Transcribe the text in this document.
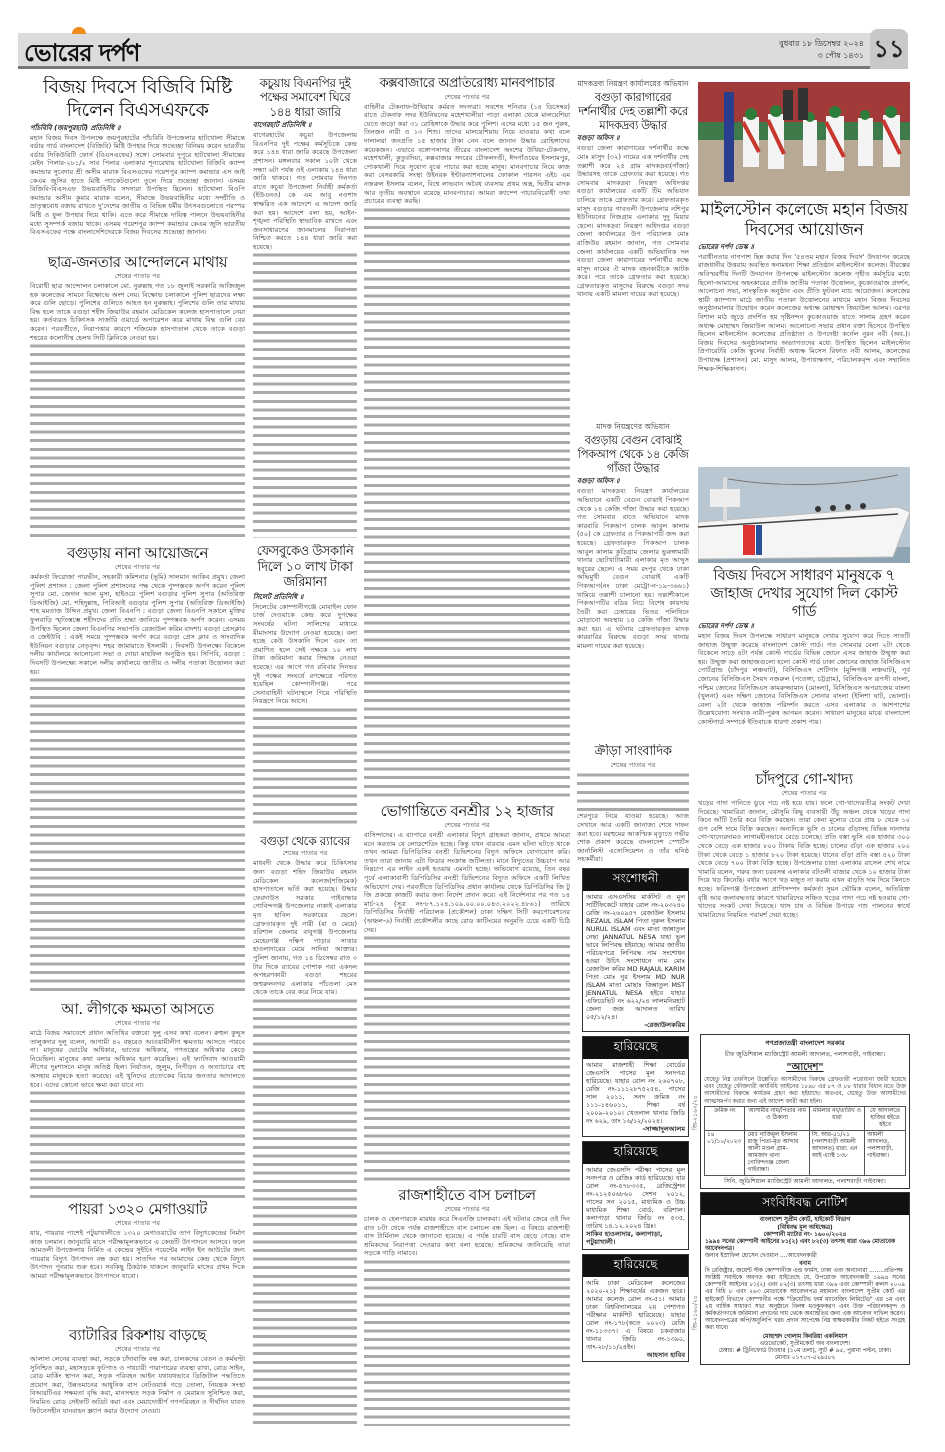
ভোরের দর্পণ	বুধবার ১৮ ডিসেম্বর ২০২৪
৩ পৌষ ১৪৩১ ১১
বিজয় দিবসে বিজিবি মিষ্টি দিলেন বিএসএফকে
পাঁচবিবি (জয়পুরহাট) প্রতিনিধি ॥
মহান বিজয় দিবস উপলক্ষে জয়পুরহাটের পাঁচবিবি উপজেলার হাটখোলা সীমান্তে বর্ডার গার্ড বাংলাদেশ (বিজিবি) মিষ্টি উপহার দিয়ে শুভেচ্ছা বিনিময় করেন ভারতীয় বর্ডার সিকিউরিটি ফোর্স (বিএসএফের) সঙ্গে। সোমবার দুপুরে হাটখোলা সীমান্তের মেইন পিলার-২৮১/২ সাব পিলার এলাকার শূন্যরেখায় হাটখোলা বিজিবি ক্যাম্প কমান্ডার সুবেদার শ্রী অসীম মারাক বিএসএফের গয়েশপুর ক্যাম্প কমান্ডার এস আই কেএম জুসির হাতে মিষ্টি প্যাকেটগুলো তুলে দিয়ে শুভেচ্ছা জানান। এসময় বিজিবি-বিএসএফ উভয়বাহিনীর সদস্যরা উপস্থিত ছিলেন। হাটখোলা বিওপি কমান্ডার অসীম কুমার মারাক বলেন, সীমান্তে উভয়বাহিনীর মধ্যে সম্প্রীতি ও ভ্রাতৃত্ববোধ বজায় রাখতে দু'দেশের জাতীয় ও বিভিন্ন ধর্মীয় উৎসবগুলোতে পরস্পর মিষ্টি ও ফুল উপহার দিয়ে থাকি। এতে করে সীমান্তে দায়িত্ব পালনে উভয়বাহিনীর মধ্যে সুসম্পর্ক বজায় থাকে। এসময় গয়েশপুর ক্যাম্প কমান্ডার কেএম জুসি ভারতীয় বিএসএফের পক্ষে বাংলাদেশিদেরকে বিজয় দিবসের শুভেচ্ছা জানান।
ছাত্র-জনতার আন্দোলনে মাথায়
শেষের পাতার পর
বিরোধী ছাত্র আন্দোলন চলাকালে মো. নুরুল্লাহ গত ১৮ জুলাই সরকারি আজিজুল হক কলেজের সামনে বিক্ষোভে অংশ নেয়। বিক্ষোভ চলাকালে পুলিশ ছাত্রদের লক্ষ্য করে গুলি ছোড়ে। পুলিশের গুলিতে আহত হন নুরুল্লাহ। পুলিশের গুলি তার মাথায় বিদ্ধ হলে তাকে বগুড়া শহীদ জিয়াউর রহমান মেডিকেল কলেজ হাসপাতালে নেয়া হয়। কর্তব্যরত চিকিৎসক সার্জারি ওয়ার্ডে অপারেশন করে মাথায় বিদ্ধ গুলি বের করেন। পরবর্তীতে, নিরাপত্তার কারণে শজিমেক হাসপাতাল থেকে তাকে বগুড়া শহরের কলোনীস্থ হেলথ সিটি ক্লিনিকে নেওয়া হয়।
বগুড়ায় নানা আয়োজনে
শেষের পাতার পর
কর্মকর্তা ফিরোজা পারভীন, সহকারী কমিশনার (ভূমি) সালমান আকিব প্রমুখ। জেলা পুলিশ প্রশাসন : জেলা পুলিশ প্রশাসনের পক্ষ থেকে পুষ্পস্তবক অর্পণ করেন পুলিশ সুপার মো. জেদান আল মুসা, হাইওয়ে পুলিশ বগুড়ার পুলিশ সুপার (অতিরিক্ত ডিআইজি) মো. শহিদুল্লাহ, পিবিআই বগুড়ার পুলিশ সুপার (অতিরিক্ত ডিআইজি) শাহ মমতাজ উদ্দিন প্রমুখ। জেলা বিএনপি : বগুড়া জেলা বিএনপি সকালে মুক্তির ফুলবাড়ি স্মৃতিস্তম্ভে শহীদদের প্রতি শ্রদ্ধা জানিয়ে পুষ্পস্তবক অর্পণ করেন। এসময় উপস্থিত ছিলেন জেলা বিএনপির সভাপতি রেজাউল করিম বাদশা। বগুড়া প্রেসক্লাব ও জেইউবি : একই সময়ে পুষ্পস্তবক অর্পণ করে বগুড়া প্রেস ক্লাব ও সাংবাদিক ইউনিয়ন বগুড়ার নেতৃবৃন্দ। শহর জামায়াতে ইসলামী : দিবসটি উপলক্ষ্যে বিকেলে দলীয় কার্যালয়ে আলোচনা সভা ও দোয়া মাহফিল অনুষ্ঠিত হয়। সিপিবি, বগুড়া : দিবসটি উপলক্ষ্যে সকালে দলীয় কার্যালয়ে জাতীয় ও দলীয় পতাকা উত্তোলন করা হয়।
আ. লীগকে ক্ষমতা আসতে
শেষের পাতার পর
মাঠে বিজয় সমাবেশে প্রধান অতিথির বক্তব্যে দুলু এসব কথা বলেন। রুহুল কুদ্দুস তালুকদার দুলু বলেন, আগামী ৪২ বছরেও আওয়ামীলীগ ক্ষমতায় আসতে পারবে না। মানুষের ভোটের অধিকার, ভাতের অধিকার, গণতন্ত্রের অধিকার কেড়ে নিয়েছিল। মানুষের কথা বলার অধিকার হরণ করেছিল। এই ফ্যাসিবাদ আওয়ামী লীগের দুঃশাসনে মানুষ অতিষ্ঠ ছিল। নির্যাতন, জুলুম, নিপীড়ন ও অত্যাচারে বহু অসহায় মানুষকে হত্যা করেছে। এই খুনিদের প্রত্যেকের বিচার জনতার আদালতে হবে। এদের কোনো ভাবে ক্ষমা করা যাবে না।
পায়রা ১৩২০ মেগাওয়াট
শেষের পাতার পর
যায়, পায়রার পাশেই পটুয়াখালীতে ১৩২০ মেগাওয়াটের তাপ বিদ্যুৎকেন্দ্রের নির্মাণ কাজ চলমান। জানুয়ারি মাসে পরীক্ষামূলকভাবে এ কেন্দ্রটি উৎপাদনে আসবে। ফলে আমতলী উপজেলায় নির্মিত এ কেন্দ্রের সুইচিং পয়েন্টের লাইন ইন আউটের জন্য পায়রায় বিদ্যুৎ উৎপাদন বন্ধ করা হয়। সাতদিন পর আমাদের কেন্দ্র থেকে বিদ্যুৎ উৎপাদন পুনরায় শুরু হবে। সবকিছু ঠিকঠাক থাকলে জানুয়ারি মাসের প্রথম দিকে আমরা পরীক্ষামূলকভাবে উৎপাদনে যাবো।
ব্যাটারির রিকশায় বাড়ছে
শেষের পাতার পর
আলাদা লেনের ব্যবস্থা করা, সড়কে চাঁদাবাজি বন্ধ করা, চালকদের বেতন ও কর্মঘণ্টা সুনিশ্চিত করা, মহাসড়কে ফুটপাত ও পথচারী পারাপারের ব্যবস্থা রাখা, রোড সাইন, রোড মার্কিং স্থাপন করা, সড়ক পরিবহন আইন যথাযথভাবে ডিজিটাল পদ্ধতিতে প্রয়োগ করা, উন্নতমানের আধুনিক বাস নেটওয়ার্ক গড়ে তোলা, নিয়ন্ত্রক সংস্থা বিআরটিএর সক্ষমতা বৃদ্ধি করা, মানসম্মত সড়ক নির্মাণ ও মেরামত সুনিশ্চিত করা, নিয়মিত রোড সেইফটি অডিট করা এবং মেয়াদোত্তীর্ণ গণপরিবহন ও দীর্ঘদিন যাবত ফিটনেসহীন যানবাহন স্ক্র্যাপ করার উদ্যোগ নেওয়া।
কচুয়ায় বিএনপির দুই পক্ষের সমাবেশ ঘিরে ১৪৪ ধারা জারি
বাগেরহাট প্রতিনিধি ॥
বাগেরহাটের কচুয়া উপজেলায় বিএনপির দুই পক্ষের কর্মসূচিকে কেন্দ্র করে ১৪৪ ধারা জারি করেছে উপজেলা প্রশাসন। মঙ্গলবার সকাল ১০টা থেকে সন্ধ্যা ৬টা পর্যন্ত ওই এলাকায় ১৪৪ ধারা জারি থাকবে। গত সোমবার দিনগত রাতে কচুয়া উপজেলা নির্বাহী কর্মকর্তা (ইউএনও) কে এম আবু নওশাদ স্বাক্ষরিত এক আদেশে এ আদেশ জারি করা হয়। আদেশে বলা হয়, আইন-শৃঙ্খলা পরিস্থিতি স্বাভাবিক রাখতে এবং জনসাধারণের জানমালের নিরাপত্তা নিশ্চিত করতে ১৪৪ ধারা জারি করা হয়েছে।
ফেসবুকেও উসকানি দিলে ১০ লাখ টাকা জরিমানা
সিলেট প্রতিনিধি ॥
সিলেটের কোম্পানীগঞ্জে মোবাইল ফোন চার্জ দেওয়াকে কেন্দ্র করে দুপক্ষের সংঘর্ষের ঘটনা সালিশের মাধ্যমে মীমাংসার উদ্যোগ নেওয়া হয়েছে। বলা হচ্ছে কেউ উসকানি দিলে এবং তা প্রমাণিত হলে সেই পক্ষকে ১০ লাখ টাকা জরিমানা করার সিদ্ধান্ত নেওয়া হয়েছে। এর আগে গত রবিবার দিনভর দুই পক্ষের সংঘর্ষে রণক্ষেত্রে পরিণত হয়েছিল কোম্পানীগঞ্জ। পরে সেনাবাহিনী ঘটনাস্থলে গিয়ে পরিস্থিতি নিয়ন্ত্রণে নিয়ে আসে।
বগুড়া থেকে র‌্যাবের
শেষের পাতার পর
মাধবদী থেকে উদ্ধার করে চিকিৎসার জন্য বগুড়া শহিদ জিয়াউর রহমান মেডিকেল কলেজ(শজিমেক) হাসপাতালে ভর্তি করা হয়েছে। উদ্ধার ফেরদাউস সরকার গাইবান্ধার গোবিন্দগঞ্জ উপজেলার নাকাই এলাকার মৃত হাবিল সরকারের ছেলে। গ্রেফতারকৃত দুই নারী (মা ও মেয়ে) বরিশাল জেলার বাবুগঞ্জ উপজেলার মেহেরগঞ্জ দক্ষিণ পাড়ার সাত্তার হাওলাদারের মেয়ে সাদিয়া আক্তার। পুলিশ জানায়, গত ১৪ ডিসেম্বর রাত ৩ টার দিকে র‌্যাবের পোশাক পরা একদল অপহরণকারী বগুড়া শহরের জহুরুলনগর এলাকার পাঁচতলা মেস থেকে তাকে বের করে নিয়ে যায়।
কক্সবাজারে অপ্রতিরোধ্য মানবপাচার
শেষের পাতার পর
বাহিনীর টেকনাফ-উখিয়ায় কর্মরত সদস্যরা। সবশেষ শনিবার (১৪ ডিসেম্বর) রাতে টেকনাফ সদর ইউনিয়নের মহেশখালীয়া পাড়া এলাকা থেকে মালয়েশিয়া যেতে জড়ো করা ৩১ রোহিঙ্গাকে উদ্ধার করে পুলিশ। এদের মধ্যে ১৫ জন পুরুষ, তিনজন নারী ও ১৩ শিশু। তাদের মালয়েশিয়ায় নিয়ে যাওয়ার কথা বলে দালালরা জনপ্রতি ১৫ হাজার টাকা নেন বলে জানান উদ্ধার রোহিঙ্গাদের কয়েকজন। এভাবে বঙ্গোপসাগর তীরের বাংলাদেশ অংশের উখিয়া-টেকনাফ, মহেশখালী, কুতুবদিয়া, কক্সবাজার সদরের চৌফলদণ্ডী, ঈদগাঁওয়ের ইসলামপুর, পোকখালী দিয়ে সুযোগ বুঝে পাচার করা হচ্ছে মানুষ। মানবপাচার নিয়ে কাজ করা বেসরকারি সংস্থা উইনরক ইন্টারন্যাশনালের ফোকাল পারসন এইচ এম নজরুল ইসলাম বলেন, বিশ্বে লাভবান অবৈধ ব্যবসায় প্রথম অস্ত্র, দ্বিতীয় মাদক আর তৃতীয় অবস্থানে রয়েছে মানবপাচার। আমরা ক্যাম্পে পাচারবিরোধী তথ্য প্রচারের ব্যবস্থা করছি।
ভোগান্তিতে বনশ্রীর ১২ হাজার
শেষের পাতার পর
বাসিন্দাদের। এ ব্যাপারে বনশ্রী এলাকার বিদ্যুৎ গ্রাহকরা জানান, প্রথমে আমরা মনে করতাম যে লোডশেডিং হচ্ছে। কিন্তু যখন বারবার এমন ঘটনা ঘটতে থাকে তখন আমরা ডিপিডিসির বনশ্রী ডিভিশনের বিদ্যুৎ অফিসে যোগাযোগ করি। তখন তারা জানায় এটা ফিডার সংক্রান্ত জটিলতা। মানে বিদ্যুতের উচ্চচাপ আর নিম্নচাপ এর লাইন একই হওয়ায় এমনটা হচ্ছে। অভিযোগ রয়েছে, তিন বছর পূর্বে এলাকাবাসী ডিপিডিসির বনশ্রী ডিভিশনের বিদ্যুত অফিসে একটি লিখিত অভিযোগ দেয়। পরবর্তীতে ডিপিডিসির প্রধান কার্যালয় থেকে ডিপিডিসির জি টু জি প্রকল্পে কাজটি করার জন্য নির্দেশ প্রদান করে। এই নির্দেশনার পর গত ১৪ মার্চ-২৪ (সূত্র নং-৮৭.১২৪.১০৯.০০.০০.০৪৩.২০২২.৪৮৬১) তারিখে ডিপিডিসির নির্বাহী পরিচালক (প্রকৌশল) ঢাকা দক্ষিণ সিটি করপোরেশনের (অঞ্চল-৬) নির্বাহী প্রকৌশলীর কাছে রোড কাটিংয়ের অনুমতি চেয়ে একটি চিঠি দেয়।
রাজশাহীতে বাস চলাচল
শেষের পাতার পর
চালক ও হেলপারকে মারধর করে সিএনজি চালকরা। এই ঘটনার জেরে ওই দিন রাত ৮টা থেকে পর্যন্ত রাজশাহীতে বাস চলাচল বন্ধ ছিল। এ বিষয়ে রাজশাহী বাস টার্মিনাল থেকে জানানো হয়েছে। এ পর্যন্ত চারটি বাস ছেড়ে গেছে। বাস শ্রমিকদের নিরাপত্তা দেওয়ার কথা বলা হয়েছে। শ্রমিকদের জানিয়েছি তারা সড়কে গাড়ি নামাবে।
মাদকদ্রব্য নিয়ন্ত্রণ কার্যালয়ের অভিযান
বগুড়া কারাগারের দর্শনার্থীর দেহ তল্লাশী করে মাদকদ্রব্য উদ্ধার
বগুড়া অফিস ॥
বগুড়া জেলা কারাগারের দর্শনার্থীর কক্ষে মোঃ মাসুদ (৩২) নামের এক দর্শনার্থীর দেহ তল্লাশী করে ২৫ গ্রাম মাদকদ্রব্য(গাঁজা) উদ্ধারসহ তাকে গ্রেফতার করা হয়েছে। গত সোমবার মাদকদ্রব্য নিয়ন্ত্রণ অধিদপ্তর বগুড়া কার্যালয়ের একটি টিম অভিযান চালিয়ে তাকে গ্রেফতার করে। গ্রেফতারকৃত মাসুদ বগুড়ার গাবতলী উপজেলার নশিপুর ইউনিয়নের নিজগ্রাম এলাকার দুদু মিয়ার ছেলে। মাদকদ্রব্য নিয়ন্ত্রণ অধিদপ্তর বগুড়া জেলা কার্যালয়ের উপ পরিচালক মোঃ রাজিউর রহমান জানান, গত সোমবার জেলা কার্যালয়ের একটি অভিযানিক দল বগুড়া জেলা কারাগারের দর্শনার্থীর কক্ষে মাসুদ নামের ঐ মাদক বহনকারীকে আটক করে। পরে তাকে গ্রেফতার করা হয়েছে। গ্রেফতারকৃত মাসুদের বিরুদ্ধে বগুড়া সদর থানায় একটি মামলা দায়ের করা হয়েছে।
মাদক নিয়ন্ত্রণের অভিযান
বগুড়ায় বেগুন বোঝাই পিকআপ থেকে ১৪ কেজি গাঁজা উদ্ধার
বগুড়া অফিস ॥
বগুড়া মাদকদ্রব্য নিয়ন্ত্রণ কার্যালয়ের অভিযানে একটি বেগুন বোঝাই পিকআপ থেকে ১৪ কেজি গাঁজা উদ্ধার করা হয়েছে। গত সোমবার রাতে অভিযানে মাদক কারবারি পিকআপ চালক আবুল কালাম (৫০) কে গ্রেফতার ও পিকআপটি জব্দ করা হয়েছে। গ্রেফতারকৃত পিকআপ চালক আবুল কালাম কুড়িগ্রাম জেলার ভুরুঙ্গামারী থানার ছোটখাটামারী এলাকার মৃত আব্দুস ছবুরের ছেলে। এ সময় রংপুর থেকে ঢাকা অভিমুখী বেগুন বোঝাই একটি পিকআপ(নং ঢাকা মেট্রো-ন-১৯-৩৬৬১) থামিয়ে তল্লাশী চালানো হয়। তল্লাশীকালে পিকআপটির বডির নিচে বিশেষ কায়দায় তৈরী করা চেম্বারের ভিতর পলিথিনে মোড়ানো অবস্থায় ১৪ কেজি গাঁজা উদ্ধার করা হয়। এ ঘটনায় গ্রেফতারকৃত মাদক কারবারির বিরুদ্ধে বগুড়া সদর থানায় মামলা দায়ের করা হয়েছে।
ক্রীড়া সাংবাদিক
শেষের পাতার পর
শেরপুরে নিয়ে যাওয়া হয়েছে। আজ সেখানে আর একটি জানাজা শেষে দাফন করা হবে। মরহুমের আকস্মিক মৃত্যুতে গভীর শোক প্রকাশ করেছে বাংলাদেশ স্পোর্টস জার্নালিস্ট এসোসিয়েশন ও তাঁর ঘনিষ্ঠ সহকর্মীরা।
সংশোধনী
আমার এসএসসির মার্কসিট ও মূল সার্টিফিকেটে যাহার রোল নং-২০৩২৪০ রেজি নং-২৬০৯৫৭ রেজাউল ইসলাম REZAUL ISLAM পিতা নুরুল ইসলাম NURUL ISLAM এবং মাতা জান্নাতুল নেছা JANNATUL NESA যাহা ভুল ভাবে লিপিবদ্ধ হইয়াছে। আমার জাতীয় পরিচয়পত্রে লিপিবদ্ধ নাম সংশোধন হওয়া উচিৎ সংশোধনে নাম মোঃ রেজাউল করিম MD RAJAUL KARIM পিতা মোঃ নুর ইসলাম MD NUR ISLAM মাতা মোছাঃ জিন্নাতুল MST JENNATUL NESA হইবে যাহার এফিডেভিট নং ৬২২/২৪ লালমনিরহাট জেলা জজ আদালত তারিখ ০৫/১২/২৪।
-রেজাউলকরিম
হারিয়েছে
আমার রাজশাহী শিক্ষা বোর্ডের জেএসসি পাসের মূল সনদপত্র হারিয়েছে। যাহার রোল নং ২৬০৭০৮, রেজি নং-১১১২৮৭৫২৫৪, পাসের সাল ২০১১, সনদ ক্রমিক নং ১১১-১৪৬০১১, শিক্ষা বর্ষ ২০০৯-২০১০। খেতলাল থানার জিডি নং ৬২৯, তাং ১৬/১২/২০২৪।
-সাজ্জাদুলআলম
হারিয়েছে
আমার জেএসসি পরীক্ষা পাসের মূল সনদপত্র ও রেজিঃ কার্ড হারিয়েছে। যার রোল নং-৫৭৮৩৩৫, রেজিস্ট্রেশন নং-২১২৫০৬৮৬০ সেশন ২০১২, পাসের সন ২০১৫, মাধ্যমিক ও উচ্চ মাধ্যমিক শিক্ষা বোর্ড, বরিশাল। কলাপাড়া থানার জিডি নং ৫৩৫, তারিখ ১৪.১২.২০২৪ খ্রিঃ।
সাকিব হাওলাদার, কলাপাড়া, পটুয়াখালী।
হারিয়েছে
আমি ঢাকা মেডিকেল কলেজের ২০২০-২১) শিক্ষাবর্ষের একজন ছাত্র। আমার কলেজ রোল নং-৫১। আমার ঢাকা বিশ্ববিদ্যালয়ের ২য় পেশাগত পরীক্ষার মার্কশিট হারিয়েছে। যাহার রোল নং-১৭৮(কতে ২০২৩) রেজি নং-১১৩৩৭। এ বিষয়ে চকবাজার থানার জিডি নং-১৩৯০, তাং-২৮/১১/২৪ইং।
আহসান হাবিব
মাইলস্টোন কলেজে মহান বিজয় দিবসের আয়োজন
ভোরের দর্পণ ডেস্ক ॥
পরাধীনতার নাগপাশ ছিন্ন করার দিন '৫৪তম মহান বিজয় দিবস' উদযাপন করেছে রাজধানীর উত্তরায় অবস্থিত স্বনামধন্য শিক্ষা প্রতিষ্ঠান মাইলস্টোন কলেজ। বীরত্বের অবিস্মরণীয় দিনটি উদযাপন উপলক্ষে মাইলস্টোন কলেজ গৃহীত কর্মসূচির মধ্যে ছিলো-আমাদের অহংকারের প্রতীক জাতীয় পতাকা উত্তোলন, কুচকাওয়াজ প্রদর্শন, আলোচনা সভা, সাংস্কৃতিক অনুষ্ঠান এবং প্রীতি ফুটবল ম্যাচ আয়োজন। কলেজের স্থায়ী ক্যাম্পাস মাঠে জাতীয় পতাকা উত্তোলনের মাধ্যমে মহান বিজয় দিবসের অনুষ্ঠানমালার উদ্বোধন করেন কলেজের অধ্যক্ষ মোহাম্মদ জিয়াউল আলম। এরপর বিশাল মাঠ জুড়ে প্রদর্শিত হয় দৃষ্টিনন্দন কুচকাওয়াজ যাতে সালাম গ্রহণ করেন অধ্যক্ষ মোহাম্মদ জিয়াউল আলম। আলোচনা সভায় প্রধান বক্তা হিসেবে উপস্থিত ছিলেন মাইলস্টোন কলেজের প্রতিষ্ঠাতা ও উপদেষ্টা কর্নেল নুরন নবী (অব.)। বিজয় দিবসের অনুষ্ঠানমালায় অভ্যাগতদের মধ্যে উপস্থিত ছিলেন মাইলস্টোন প্রিপারেটরি কেজি স্কুলের নির্বাহী অধ্যক্ষ মিসেস রিফাত নবী আলম, কলেজের উপাধ্যক্ষ (প্রশাসন) মো. মাসুদ আলম, উপাধ্যক্ষগণ, পরিচালকবৃন্দ এবং সম্মানিত শিক্ষক-শিক্ষিকাগণ।
বিজয় দিবসে সাধারণ মানুষকে ৭ জাহাজ দেখার সুযোগ দিল কোস্ট গার্ড
ভোরের দর্পণ ডেস্ক ॥
মহান বিজয় দিবস উপলক্ষে সাধারণ মানুষকে দেখার সুযোগ করে দিতে সাতটি জাহাজ উন্মুক্ত করেছে বাংলাদেশ কোস্ট গার্ড। গত সোমবার বেলা ২টা থেকে বিকেলে সাড়ে ৪টা পর্যন্ত কোস্ট গার্ডের বিভিন্ন জোনে এসব জাহাজ উন্মুক্ত করা হয়। উন্মুক্ত করা জাহাজগুলো হলো কোস্ট গার্ড ঢাকা জোনের জাহাজ বিসিজিএস পোর্টগ্রান্ড (চাঁদপুর লঞ্চঘাট), বিসিজিএস শেটিগাং (মুন্সিগঞ্জ লঞ্চঘাট), পূর্ব জোনের বিসিজিএস সৈয়দ নজরুল (পতেঙ্গা, চট্টগ্রাম), বিসিজিএস রূপসী বাংলা, পশ্চিম জোনের বিসিজিএস কামরুজ্জামান (মোংলা), বিসিজিএস অপরাজেয় বাংলা (খুলনা) এবং দক্ষিণ জোনের বিসিজিএস সোনার বাংলা (ইলিশা ঘাট, ভোলা)। বেলা ২টা থেকে জাহাজ পরিদর্শন করতে এসব এলাকার ও আশপাশের উল্লেখযোগ্য সংখ্যক নারী-পুরুষ আগমন করেন। সাধারণ মানুষের মাঝে বাংলাদেশ কোস্টগার্ড সম্পর্কে ইতিবাচক ধারণা প্রকাশ পায়।
চাঁদপুরে গো-খাদ্য
শেষের পাতার পর
খড়ের গাদা পানিতে ডুবে পচে নষ্ট হয়ে যায়। ফলে গো-খাদ্যেরতীব্র সংকট দেখা দিয়েছে। খামারিরা জানান, মৌসুমি কিছু ব্যবসায়ী উঁচু অঞ্চল থেকে খড়ের গাদা কিনে আঁটি তৈরি করে বিক্রি করছেন। তারা কেনা মূল্যের চেয়ে প্রায় ৮ থেকে ১০ গুণ বেশি দামে বিক্রি করছেন। অন্যদিকে ভুসি ও চালের গুঁড়াসহ বিভিন্ন দানাদার গো-খাদ্যেরদামও লাগামহীনভাবে বেড়ে চলেছে। প্রতি বস্তা ভুসি এক হাজার ৩০০ থেকে বেড়ে এক হাজার ৮০০ টাকায় বিক্রি হচ্ছে। চালের গুঁড়া এক হাজার ২০০ টাকা থেকে বেড়ে ১ হাজার ৮২০ টাকা হয়েছে। ধানের গুঁড়া প্রতি বস্তা ৫২০ টাকা থেকে বেড়ে ৭০০ টাকা বিক্রি হচ্ছে। উপজেলার চান্দ্রা এলাকার রাসেল শেখ নামে খামারি বলেন, গরুর জন্য চরবসন্ত এলাকার বটতলী বাজার থেকে ১০ হাজার টাকা দিয়ে খড় কিনেছি। বর্ষার আগে খড় মজুত না করায় এখন বাড়তি দাম দিয়ে কিনতে হচ্ছে। ফরিদগঞ্জ উপজেলা প্রাণিসম্পদ কর্মকর্তা সুমন ভৌমিক বলেন, অতিরিক্ত বৃষ্টি আর জলাবদ্ধতার কারণে খামারিদের সঞ্চিত খড়ের গাদা পচে নষ্ট হওয়ায় গো-খাদ্যের সংকট দেখা দিয়েছে। খাস চাষ ও বিভিন্ন উপায়ে পশু পালনের স্বার্থে খামারিদের নিয়মিত পরামর্শ দেয়া হচ্ছে।
গণপ্রজাতন্ত্রী বাংলাদেশ সরকার
চীফ জুডিশিয়াল ম্যাজিস্ট্রেট আমলী আদালত, পলাশবাড়ী, গাইবান্ধা।
"আদেশ"
যেহেতু নিম্ন তফসিলে উল্লেখিত আসামীদের বিরুদ্ধে গ্রেফতারী পরোয়ানা জারী হয়েছে এবং যেহেতু ফৌজদারী কার্যবিধি আইনের ১৮৯৮ এর ৮৭ ও ৮৮ ধারার বিধান মতে উক্ত আসামীদের বিরুদ্ধে কার্যক্রম গ্রহণ করা হইয়াছে। অতএব, যেহেতু উক্ত আসামীদের আত্মসমর্পণ করার জন্য এই আদেশ জারী করা হইল।
ক্রমিক নং	আসামীর নাম/পিতার নাম ও ঠিকানা	মামলার নং/তারিখ ও ধারা	যে আদালতে হাজির হইতে হইবে
১৪ ০১/১০/২০২৩	মোঃ নাজিমুল ইসলাম রাজু পিতা-মৃত আব্দার আলী মণ্ডল গ্রাম-আমজাদ থানা গোবিন্দগঞ্জ জেলা গাইবান্ধা।	সি. আর-৫১/২১ (পলাশবাড়ী আমলী আদালত) ধারা: এন আই এ্যাক্ট ১৩৮	আমলী আদালত, পলাশবাড়ী, গাইবান্ধা।
সিনি. জুডিশিয়াল ম্যাজিস্ট্রেট আমলী আদালত, পলাশবাড়ী গাইবান্ধা।
সংবিধিবদ্ধ নোটিশ
বাংলাদেশ সুপ্রীম কোর্ট, হাইকোর্ট বিভাগ
(বিধিবদ্ধ মূল অধিক্ষেত্র)
কোম্পানী ম্যাটার নং- ১৬০০/২০২৪
১৯৯৪ সনের কোম্পানী আইনের ৮১(২) এবং ৮২(৩) তৎসহ ধারা ৩৯৬ মোতাবেক আবেদনপত্র।
জনাব ইস্রাফিল হোসেন দেওয়ান ....আবেদনকারী
বনাম
দি রেজিষ্ট্রার, জয়েন্ট স্টক কোম্পানীজ এন্ড ফার্মস, ঢাকা এবং অন্যান্যরা ........প্রতিপক্ষ
সংশ্লিষ্ট সবাইকে অবগত করা যাইতেছে যে, উপরোক্ত আবেদনকারী ১৯৯৪ সনের কোম্পানী আইনের ৮১(২) এবং ৮২(৩) তৎসহ ধারা ৩৯৬ এবং কোম্পানী রুলস ২০০৯ এর বিধি ৮ এবং ২৬৩ মোতাবেক আবেদনপত্র মহামান্য বাংলাদেশ সুপ্রীম কোর্ট এর হাইকোর্ট বিভাগে কোম্পানীর পক্ষে "ক্রিয়েটিভ ফার্ম ম্যানেজিং লিমিটেড" এর ১ম এবং ২য় বার্ষিক সাধারণ সভা অনুষ্ঠানে বিলম্ব মওকুফকরণ এবং উক্ত পরিচালকবৃন্দ ও কর্মকর্তাগণকে জরিমানা প্রদানের দায় থেকে অব্যাহতির জন্য এক আবেদন দাখিল করেন। আবেদনপত্রের কপি/অনুলিপি খরচ প্রদান সাপেক্ষে নিম্ন স্বাক্ষরকারীর নিকট হইতে সংগ্রহ করা যাবে।
মোহাম্মদ গোলাম কিবরিয়া একলিমাস
এডভোকেট, সুপ্রীমকোর্ট অব বাংলাদেশ।
চেম্বার: # ট্রিনিফোর্ড টাওয়ার (১০ম তলা), স্যুট # ৯৫, পুরানা পল্টন, ঢাকা।
মোবাঃ ০১৭০৭-৫২৯৫৮২
জি-২১৬২/২৪
জি-২১৬০/২৪
